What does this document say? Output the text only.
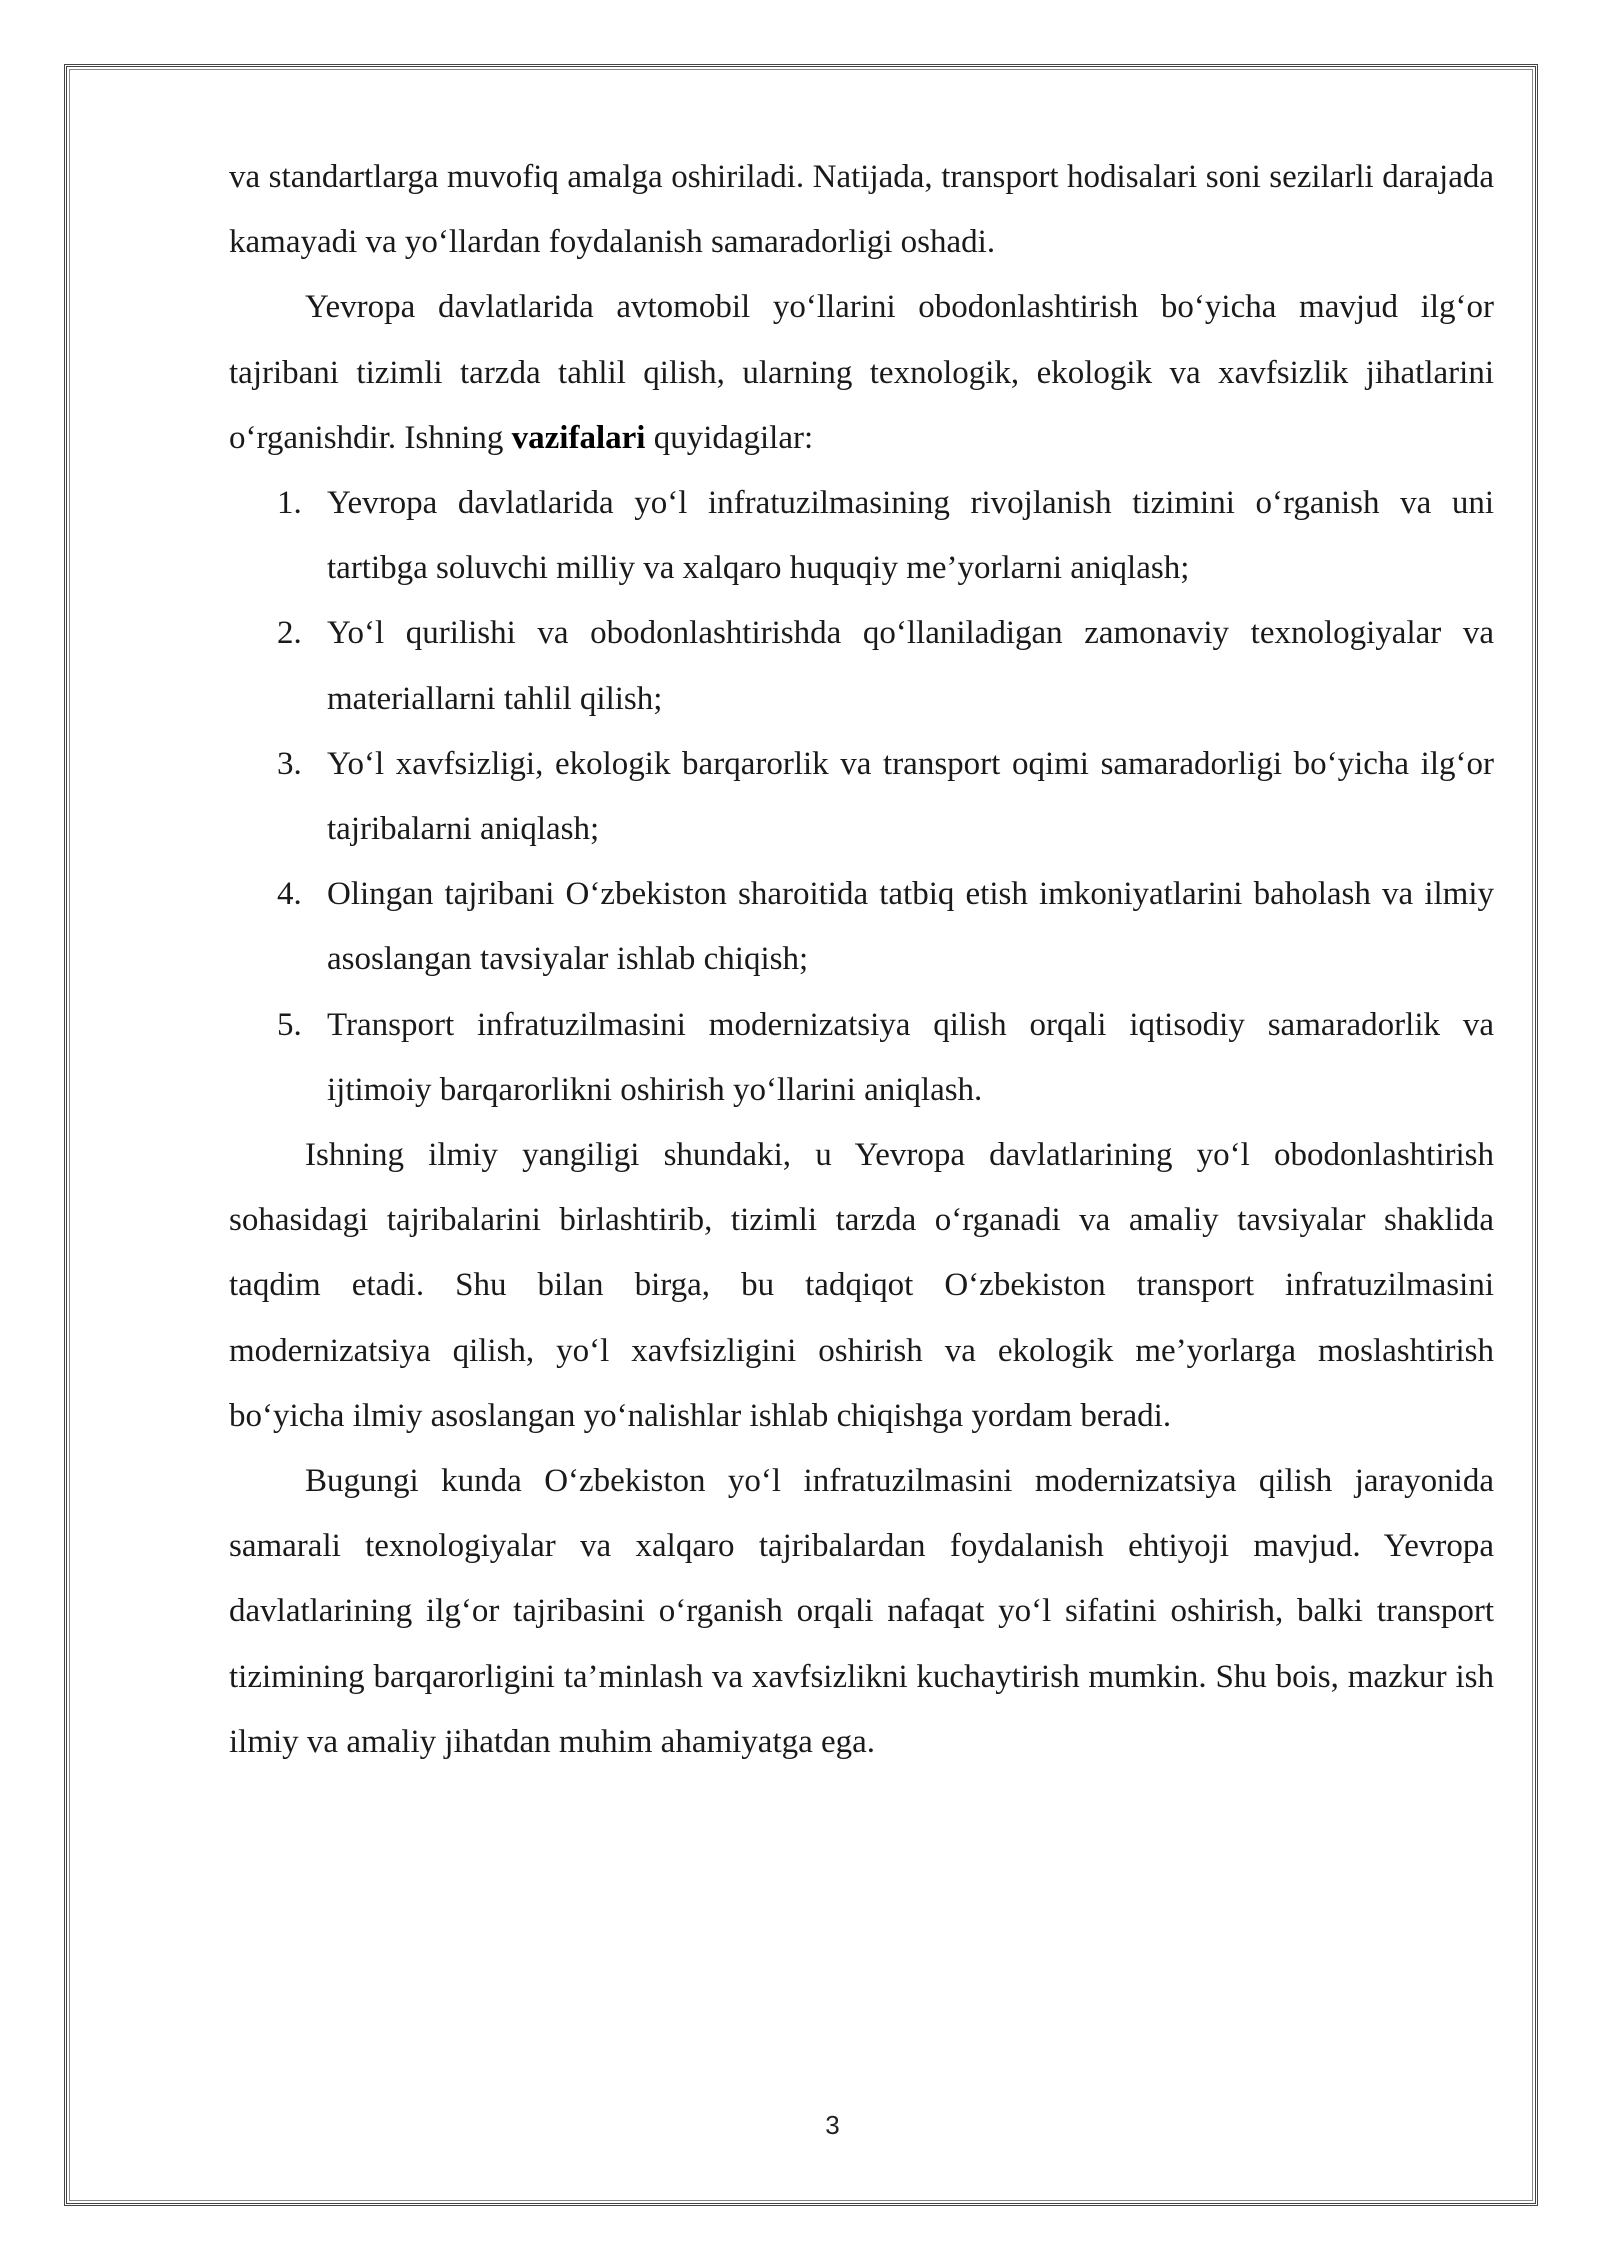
va standartlarga muvofiq amalga oshiriladi. Natijada, transport hodisalari soni sezilarli darajada kamayadi va yo‘llardan foydalanish samaradorligi oshadi.

Yevropa davlatlarida avtomobil yo‘llarini obodonlashtirish bo‘yicha mavjud ilg‘or tajribani tizimli tarzda tahlil qilish, ularning texnologik, ekologik va xavfsizlik jihatlarini o‘rganishdir. Ishning vazifalari quyidagilar:

1. Yevropa davlatlarida yo‘l infratuzilmasining rivojlanish tizimini o‘rganish va uni tartibga soluvchi milliy va xalqaro huquqiy me’yorlarni aniqlash;
2. Yo‘l qurilishi va obodonlashtirishda qo‘llaniladigan zamonaviy texnologiyalar va materiallarni tahlil qilish;
3. Yo‘l xavfsizligi, ekologik barqarorlik va transport oqimi samaradorligi bo‘yicha ilg‘or tajribalarni aniqlash;
4. Olingan tajribani O‘zbekiston sharoitida tatbiq etish imkoniyatlarini baholash va ilmiy asoslangan tavsiyalar ishlab chiqish;
5. Transport infratuzilmasini modernizatsiya qilish orqali iqtisodiy samaradorlik va ijtimoiy barqarorlikni oshirish yo‘llarini aniqlash.

Ishning ilmiy yangiligi shundaki, u Yevropa davlatlarining yo‘l obodonlashtirish sohasidagi tajribalarini birlashtirib, tizimli tarzda o‘rganadi va amaliy tavsiyalar shaklida taqdim etadi. Shu bilan birga, bu tadqiqot O‘zbekiston transport infratuzilmasini modernizatsiya qilish, yo‘l xavfsizligini oshirish va ekologik me’yorlarga moslashtirish bo‘yicha ilmiy asoslangan yo‘nalishlar ishlab chiqishga yordam beradi.

Bugungi kunda O‘zbekiston yo‘l infratuzilmasini modernizatsiya qilish jarayonida samarali texnologiyalar va xalqaro tajribalardan foydalanish ehtiyoji mavjud. Yevropa davlatlarining ilg‘or tajribasini o‘rganish orqali nafaqat yo‘l sifatini oshirish, balki transport tizimining barqarorligini ta’minlash va xavfsizlikni kuchaytirish mumkin. Shu bois, mazkur ish ilmiy va amaliy jihatdan muhim ahamiyatga ega.

3
